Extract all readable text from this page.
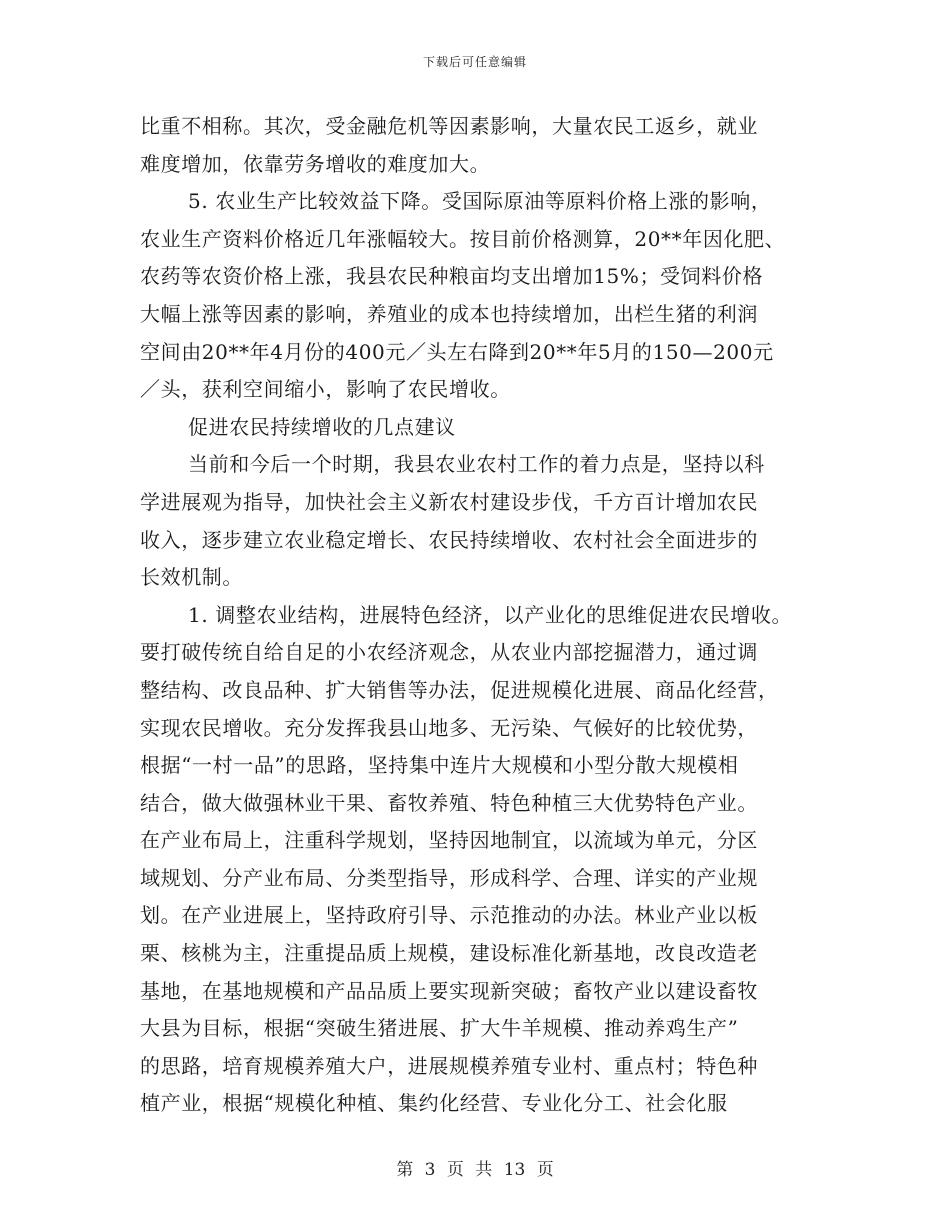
下载后可任意编辑
比重不相称。其次，受金融危机等因素影响，大量农民工返乡，就业
难度增加，依靠劳务增收的难度加大。
5. 农业生产比较效益下降。受国际原油等原料价格上涨的影响，
农业生产资料价格近几年涨幅较大。按目前价格测算，20**年因化肥、
农药等农资价格上涨，我县农民种粮亩均支出增加15%；受饲料价格
大幅上涨等因素的影响，养殖业的成本也持续增加，出栏生猪的利润
空间由20**年4月份的400元／头左右降到20**年5月的150—200元
／头，获利空间缩小，影响了农民增收。
促进农民持续增收的几点建议
当前和今后一个时期，我县农业农村工作的着力点是，坚持以科
学进展观为指导，加快社会主义新农村建设步伐，千方百计增加农民
收入，逐步建立农业稳定增长、农民持续增收、农村社会全面进步的
长效机制。
1. 调整农业结构，进展特色经济，以产业化的思维促进农民增收。
要打破传统自给自足的小农经济观念，从农业内部挖掘潜力，通过调
整结构、改良品种、扩大销售等办法，促进规模化进展、商品化经营，
实现农民增收。充分发挥我县山地多、无污染、气候好的比较优势，
根据“一村一品”的思路，坚持集中连片大规模和小型分散大规模相
结合，做大做强林业干果、畜牧养殖、特色种植三大优势特色产业。
在产业布局上，注重科学规划，坚持因地制宜，以流域为单元，分区
域规划、分产业布局、分类型指导，形成科学、合理、详实的产业规
划。在产业进展上，坚持政府引导、示范推动的办法。林业产业以板
栗、核桃为主，注重提品质上规模，建设标准化新基地，改良改造老
基地，在基地规模和产品品质上要实现新突破；畜牧产业以建设畜牧
大县为目标，根据“突破生猪进展、扩大牛羊规模、推动养鸡生产”
的思路，培育规模养殖大户，进展规模养殖专业村、重点村；特色种
植产业，根据“规模化种植、集约化经营、专业化分工、社会化服
第 3 页 共 13 页
